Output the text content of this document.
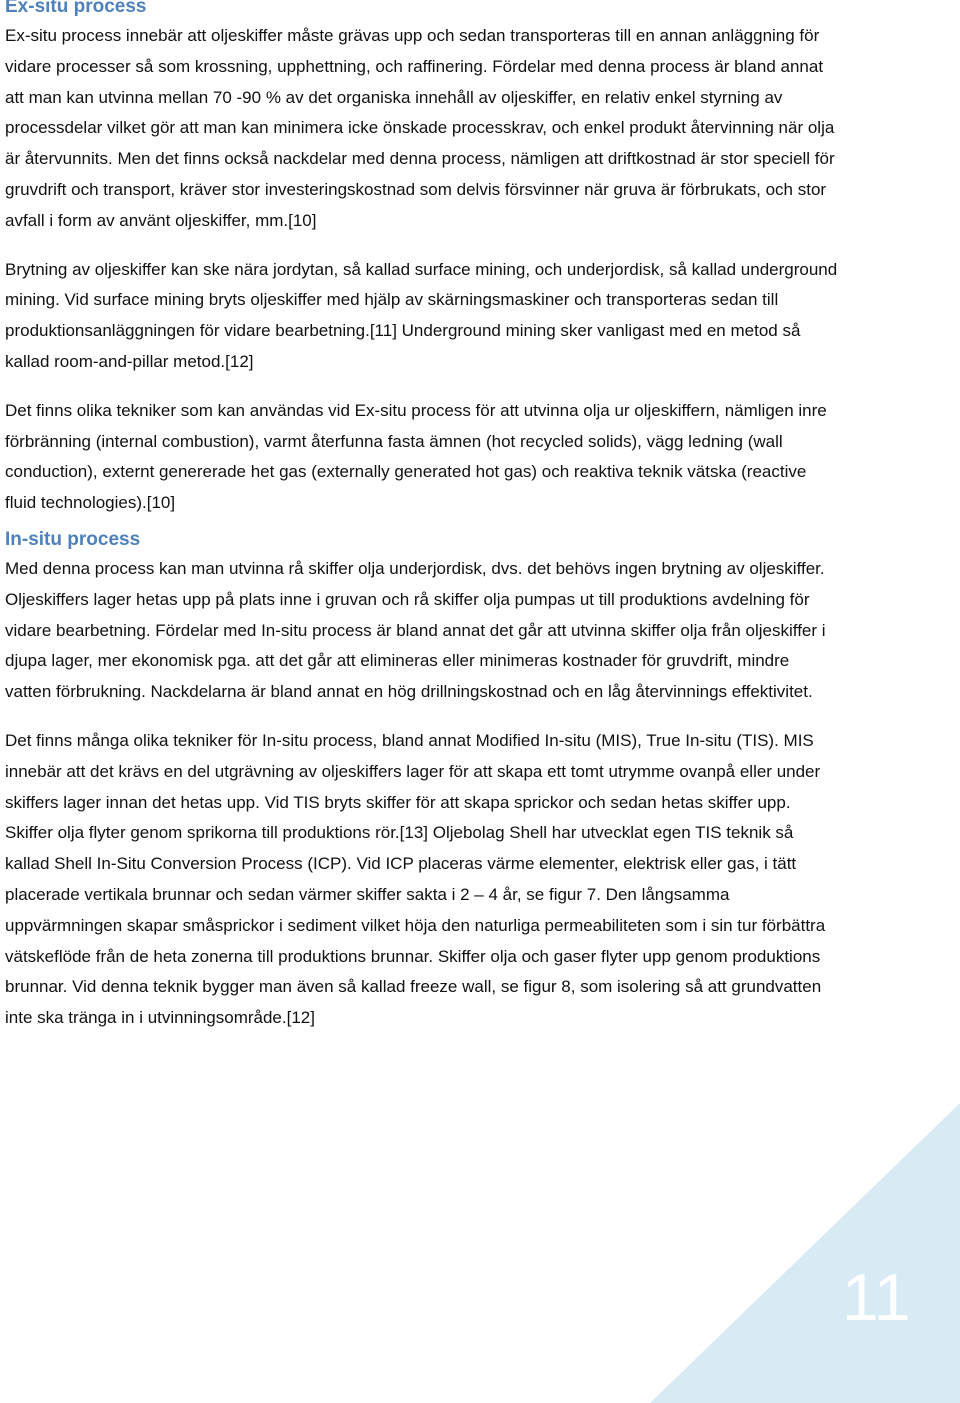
11
Ex-situ process

Ex-situ process innebär att oljeskiffer måste grävas upp och sedan transporteras till en annan anläggning för vidare processer så som krossning, upphettning, och raffinering. Fördelar med denna process är bland annat att man kan utvinna mellan 70 -90 % av det organiska innehåll av oljeskiffer, en relativ enkel styrning av processdelar vilket gör att man kan minimera icke önskade processkrav, och enkel produkt återvinning när olja är återvunnits. Men det finns också nackdelar med denna process, nämligen att driftkostnad är stor speciell för gruvdrift och transport, kräver stor investeringskostnad som delvis försvinner när gruva är förbrukats, och stor avfall i form av använt oljeskiffer, mm.[10]

Brytning av oljeskiffer kan ske nära jordytan, så kallad surface mining, och underjordisk, så kallad underground mining. Vid surface mining bryts oljeskiffer med hjälp av skärningsmaskiner och transporteras sedan till produktionsanläggningen för vidare bearbetning.[11] Underground mining sker vanligast med en metod så kallad room-and-pillar metod.[12]

Det finns olika tekniker som kan användas vid Ex-situ process för att utvinna olja ur oljeskiffern, nämligen inre förbränning (internal combustion), varmt återfunna fasta ämnen (hot recycled solids), vägg ledning (wall conduction), externt genererade het gas (externally generated hot gas) och reaktiva teknik vätska (reactive fluid technologies).[10]

In-situ process

Med denna process kan man utvinna rå skiffer olja underjordisk, dvs. det behövs ingen brytning av oljeskiffer. Oljeskiffers lager hetas upp på plats inne i gruvan och rå skiffer olja pumpas ut till produktions avdelning för vidare bearbetning. Fördelar med In-situ process är bland annat det går att utvinna skiffer olja från oljeskiffer i djupa lager, mer ekonomisk pga. att det går att elimineras eller minimeras kostnader för gruvdrift, mindre vatten förbrukning. Nackdelarna är bland annat en hög drillningskostnad och en låg återvinnings effektivitet.

Det finns många olika tekniker för In-situ process, bland annat Modified In-situ (MIS), True In-situ (TIS). MIS innebär att det krävs en del utgrävning av oljeskiffers lager för att skapa ett tomt utrymme ovanpå eller under skiffers lager innan det hetas upp. Vid TIS bryts skiffer för att skapa sprickor och sedan hetas skiffer upp. Skiffer olja flyter genom sprikorna till produktions rör.[13] Oljebolag Shell har utvecklat egen TIS teknik så kallad Shell In-Situ Conversion Process (ICP). Vid ICP placeras värme elementer, elektrisk eller gas, i tätt placerade vertikala brunnar och sedan värmer skiffer sakta i 2 – 4 år, se figur 7. Den långsamma uppvärmningen skapar småsprickor i sediment vilket höja den naturliga permeabiliteten som i sin tur förbättra vätskeflöde från de heta zonerna till produktions brunnar. Skiffer olja och gaser flyter upp genom produktions brunnar. Vid denna teknik bygger man även så kallad freeze wall, se figur 8, som isolering så att grundvatten inte ska tränga in i utvinningsområde.[12]
